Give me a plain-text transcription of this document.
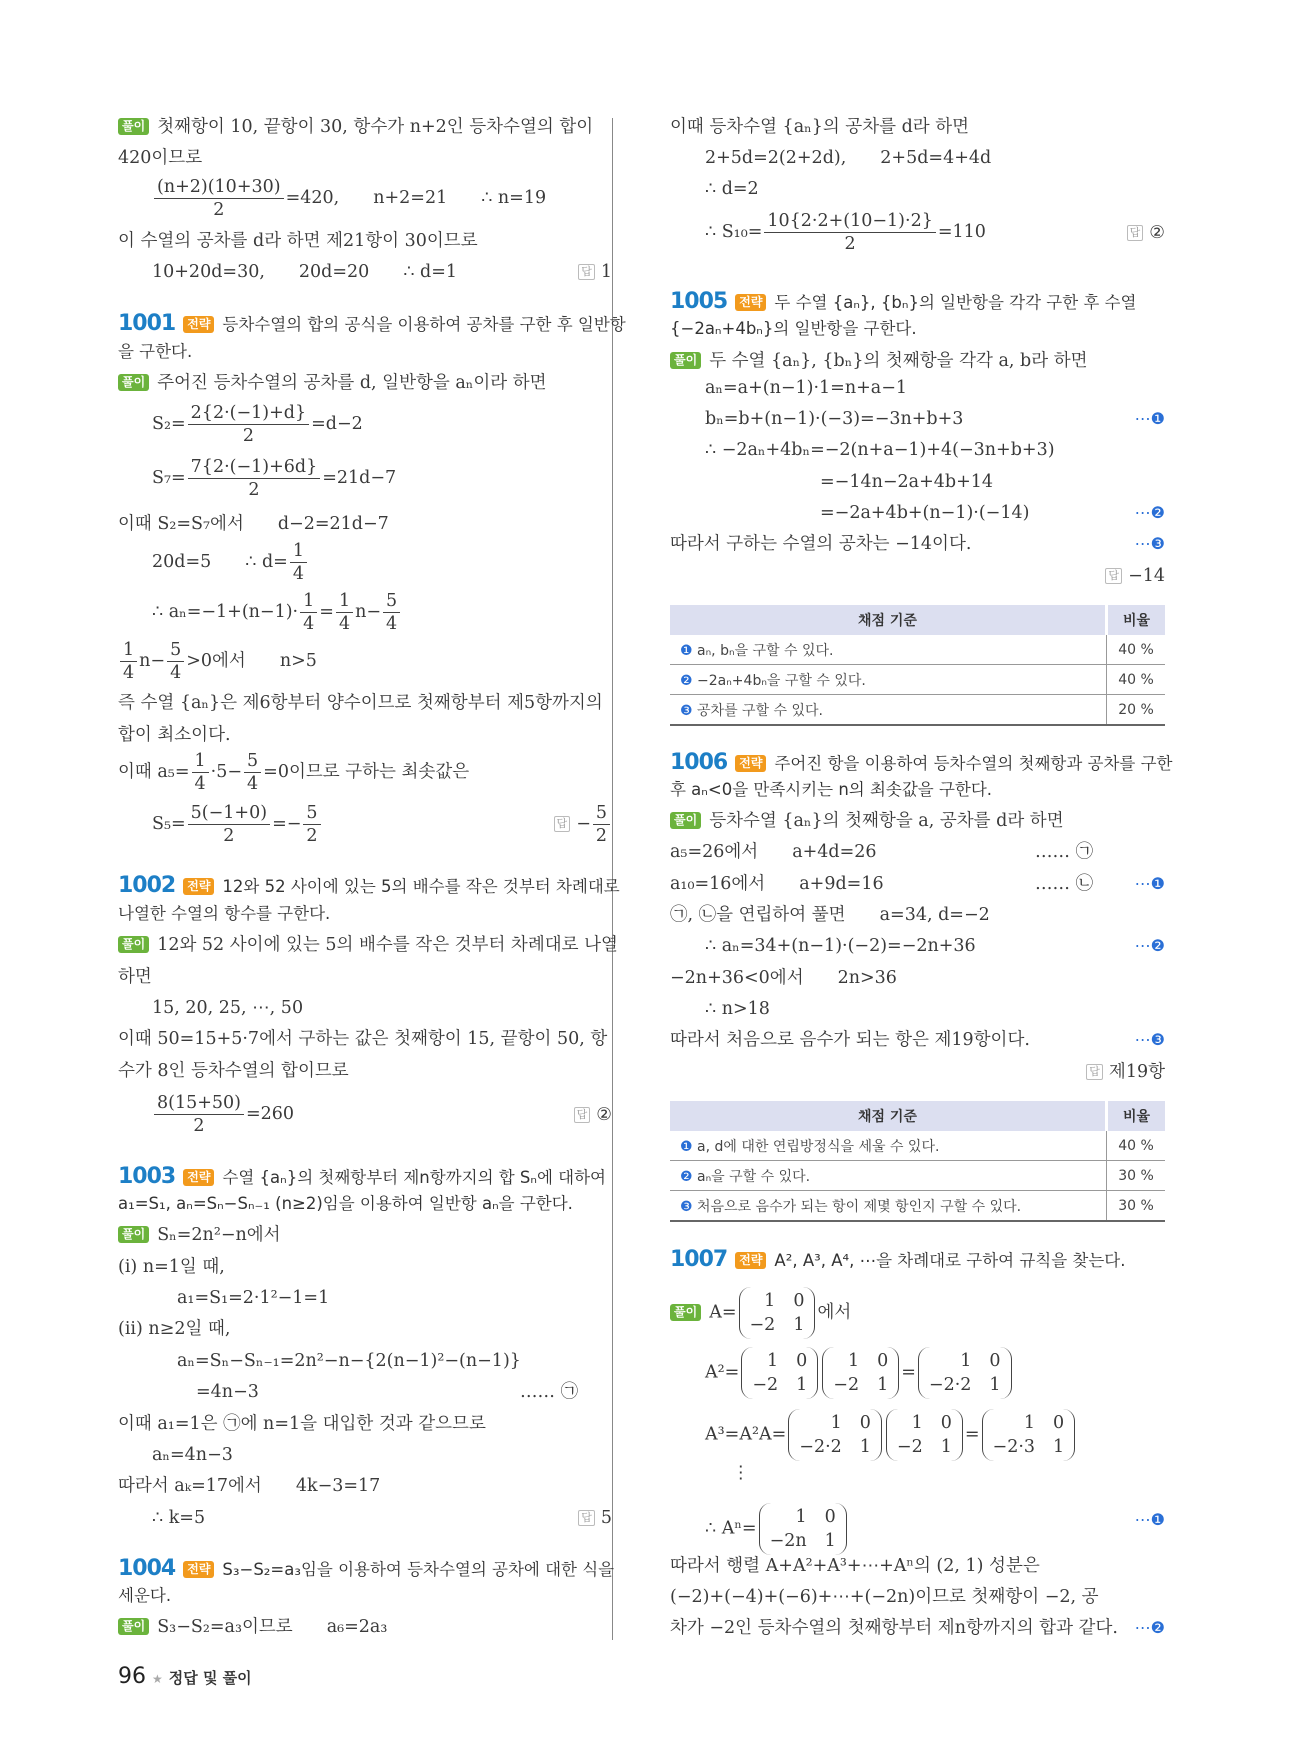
풀이 첫째항이 10, 끝항이 30, 항수가 n+2인 등차수열의 합이
420이므로
$\frac{(n+2)(10+30)}{2} =420$, n+2=21 ∴ n=19
이 수열의 공차를 d라 하면 제21항이 30이므로
10+20d=30, 20d=20 ∴ d=1	답 1
1001 전략 등차수열의 합의 공식을 이용하여 공차를 구한 후 일반항
을 구한다.
풀이 주어진 등차수열의 공차를 d, 일반항을 aₙ이라 하면
$S_2= \frac{2\{2\cdot(-1)+d\}}{2} =d-2$
$S_7= \frac{7\{2\cdot(-1)+6d\}}{2} =21d-7$
이때 S₂=S₇에서 d−2=21d−7
20d=5 ∴ $d= \frac{1}{4}$
∴ $a_n=-1+(n-1)\cdot \frac{1}{4} = \frac{1}{4} n- \frac{5}{4}$
$\frac{1}{4} n- \frac{5}{4} >0$에서 n>5
즉 수열 {aₙ}은 제6항부터 양수이므로 첫째항부터 제5항까지의
합이 최소이다.
이때 $a_5= \frac{1}{4} \cdot 5- \frac{5}{4} =0$이므로 구하는 최솟값은
$S_5= \frac{5(-1+0)}{2} =- \frac{5}{2}$	답 − $\frac{5}{2}$
1002 전략 12와 52 사이에 있는 5의 배수를 작은 것부터 차례대로
나열한 수열의 항수를 구한다.
풀이 12와 52 사이에 있는 5의 배수를 작은 것부터 차례대로 나열
하면
15, 20, 25, ⋯, 50
이때 50=15+5·7에서 구하는 값은 첫째항이 15, 끝항이 50, 항
수가 8인 등차수열의 합이므로
$\frac{8(15+50)}{2} =260$	답 ②
1003 전략 수열 {aₙ}의 첫째항부터 제n항까지의 합 Sₙ에 대하여
a₁=S₁, aₙ=Sₙ−Sₙ₋₁ (n≥2)임을 이용하여 일반항 aₙ을 구한다.
풀이 Sₙ=2n²−n에서
(i) n=1일 때,
a₁=S₁=2·1²−1=1
(ii) n≥2일 때,
aₙ=Sₙ−Sₙ₋₁=2n²−n−{2(n−1)²−(n−1)}
=4n−3	…… ㉠
이때 a₁=1은 ㉠에 n=1을 대입한 것과 같으므로
aₙ=4n−3
따라서 aₖ=17에서 4k−3=17
∴ k=5	답 5
1004 전략 S₃−S₂=a₃임을 이용하여 등차수열의 공차에 대한 식을
세운다.
풀이 S₃−S₂=a₃이므로 a₆=2a₃
이때 등차수열 {aₙ}의 공차를 d라 하면
2+5d=2(2+2d), 2+5d=4+4d
∴ d=2
∴ $S_{10}= \frac{10\{2\cdot 2+(10-1)\cdot 2\}}{2} =110$	답 ②
1005 전략 두 수열 {aₙ}, {bₙ}의 일반항을 각각 구한 후 수열
{−2aₙ+4bₙ}의 일반항을 구한다.
풀이 두 수열 {aₙ}, {bₙ}의 첫째항을 각각 a, b라 하면
aₙ=a+(n−1)·1=n+a−1
bₙ=b+(n−1)·(−3)=−3n+b+3	⋯❶
∴ −2aₙ+4bₙ=−2(n+a−1)+4(−3n+b+3)
=−14n−2a+4b+14
=−2a+4b+(n−1)·(−14)	⋯❷
따라서 구하는 수열의 공차는 −14이다.	⋯❸
답 −14
채점 기준	비율
❶ aₙ, bₙ을 구할 수 있다.	40 %
❷ −2aₙ+4bₙ을 구할 수 있다.	40 %
❸ 공차를 구할 수 있다.	20 %
1006 전략 주어진 항을 이용하여 등차수열의 첫째항과 공차를 구한
후 aₙ<0을 만족시키는 n의 최솟값을 구한다.
풀이 등차수열 {aₙ}의 첫째항을 a, 공차를 d라 하면
a₅=26에서 a+4d=26	…… ㉠
a₁₀=16에서 a+9d=16	…… ㉡	⋯❶
㉠, ㉡을 연립하여 풀면 a=34, d=−2
∴ aₙ=34+(n−1)·(−2)=−2n+36	⋯❷
−2n+36<0에서 2n>36
∴ n>18
따라서 처음으로 음수가 되는 항은 제19항이다.	⋯❸
답 제19항
채점 기준	비율
❶ a, d에 대한 연립방정식을 세울 수 있다.	40 %
❷ aₙ을 구할 수 있다.	30 %
❸ 처음으로 음수가 되는 항이 제몇 항인지 구할 수 있다.	30 %
1007 전략 A², A³, A⁴, ⋯을 차례대로 구하여 규칙을 찾는다.
풀이 A=
1 0
−2 1
에서
A²=
1 0
−2 1
1 0
−2 1
=
1 0
−2·2 1
A³=A²A=
1 0
−2·2 1
1 0
−2 1
=
1 0
−2·3 1
⋮
∴ Aⁿ=
1 0
−2n 1
⋯❶
따라서 행렬 A+A²+A³+⋯+Aⁿ의 (2, 1) 성분은
(−2)+(−4)+(−6)+⋯+(−2n)이므로 첫째항이 −2, 공
차가 −2인 등차수열의 첫째항부터 제n항까지의 합과 같다. ⋯❷
96 ★ 정답 및 풀이
